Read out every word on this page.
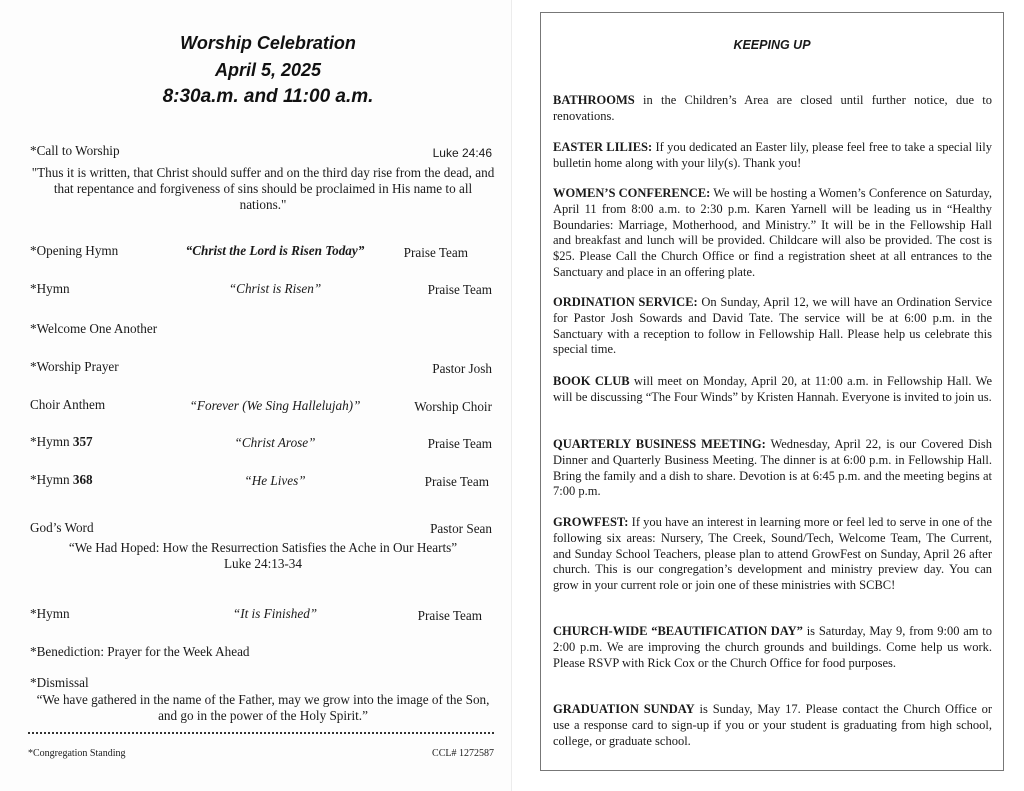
Worship Celebration
April 5, 2025
8:30a.m. and 11:00 a.m.
*Call to Worship	Luke 24:46
"Thus it is written, that Christ should suffer and on the third day rise from the dead, and that repentance and forgiveness of sins should be proclaimed in His name to all nations."
*Opening Hymn	“Christ the Lord is Risen Today”	Praise Team
*Hymn	“Christ is Risen”	Praise Team
*Welcome One Another
*Worship Prayer	Pastor Josh
Choir Anthem	“Forever (We Sing Hallelujah)”	Worship Choir
*Hymn 357	“Christ Arose”	Praise Team
*Hymn 368	“He Lives”	Praise Team
God’s Word	Pastor Sean
“We Had Hoped: How the Resurrection Satisfies the Ache in Our Hearts”
Luke 24:13-34
*Hymn	“It is Finished”	Praise Team
*Benediction: Prayer for the Week Ahead
*Dismissal
“We have gathered in the name of the Father, may we grow into the image of the Son, and go in the power of the Holy Spirit.”
*Congregation Standing	CCL# 1272587
KEEPING UP
BATHROOMS in the Children’s Area are closed until further notice, due to renovations.
EASTER LILIES: If you dedicated an Easter lily, please feel free to take a special lily bulletin home along with your lily(s). Thank you!
WOMEN’S CONFERENCE: We will be hosting a Women’s Conference on Saturday, April 11 from 8:00 a.m. to 2:30 p.m. Karen Yarnell will be leading us in “Healthy Boundaries: Marriage, Motherhood, and Ministry.” It will be in the Fellowship Hall and breakfast and lunch will be provided. Childcare will also be provided. The cost is $25. Please Call the Church Office or find a registration sheet at all entrances to the Sanctuary and place in an offering plate.
ORDINATION SERVICE: On Sunday, April 12, we will have an Ordination Service for Pastor Josh Sowards and David Tate. The service will be at 6:00 p.m. in the Sanctuary with a reception to follow in Fellowship Hall. Please help us celebrate this special time.
BOOK CLUB will meet on Monday, April 20, at 11:00 a.m. in Fellowship Hall. We will be discussing “The Four Winds” by Kristen Hannah. Everyone is invited to join us.
QUARTERLY BUSINESS MEETING: Wednesday, April 22, is our Covered Dish Dinner and Quarterly Business Meeting. The dinner is at 6:00 p.m. in Fellowship Hall. Bring the family and a dish to share. Devotion is at 6:45 p.m. and the meeting begins at 7:00 p.m.
GROWFEST: If you have an interest in learning more or feel led to serve in one of the following six areas: Nursery, The Creek, Sound/Tech, Welcome Team, The Current, and Sunday School Teachers, please plan to attend GrowFest on Sunday, April 26 after church. This is our congregation’s development and ministry preview day. You can grow in your current role or join one of these ministries with SCBC!
CHURCH-WIDE “BEAUTIFICATION DAY” is Saturday, May 9, from 9:00 am to 2:00 p.m. We are improving the church grounds and buildings. Come help us work. Please RSVP with Rick Cox or the Church Office for food purposes.
GRADUATION SUNDAY is Sunday, May 17. Please contact the Church Office or use a response card to sign-up if you or your student is graduating from high school, college, or graduate school.
